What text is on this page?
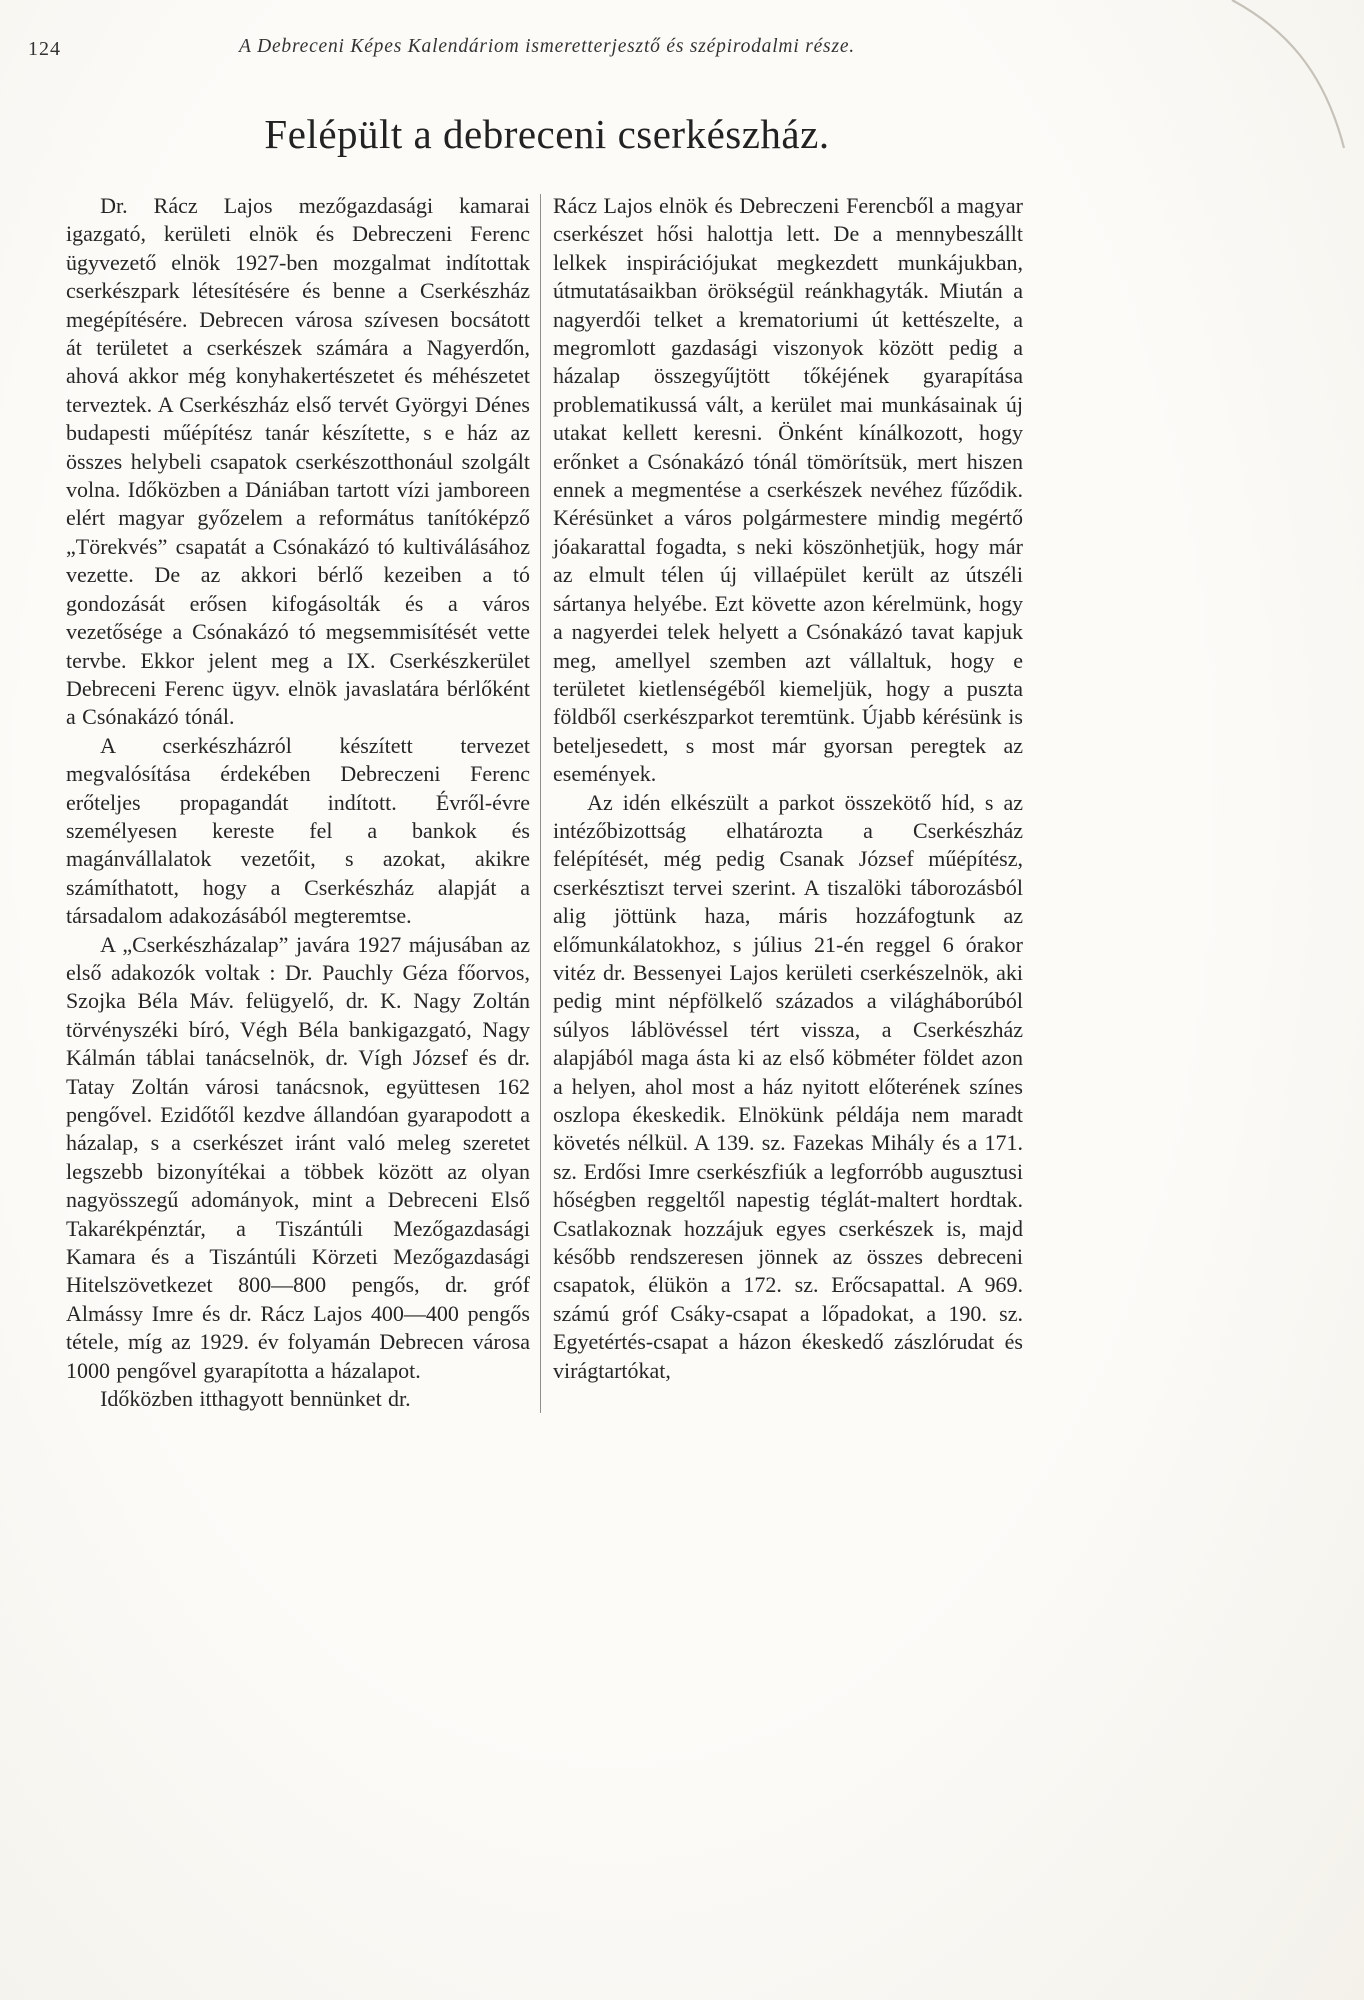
124	A Debreceni Képes Kalendáriom ismeretterjesztő és szépirodalmi része.
Felépült a debreceni cserkészház.

Dr. Rácz Lajos mezőgazdasági kamarai igazgató, kerületi elnök és Debreczeni Ferenc ügyvezető elnök 1927-ben mozgalmat indítottak cserkészpark létesítésére és benne a Cserkészház megépítésére. Debrecen városa szívesen bocsátott át területet a cserkészek számára a Nagyerdőn, ahová akkor még konyhakertészetet és méhészetet terveztek. A Cserkészház első tervét Györgyi Dénes budapesti műépítész tanár készítette, s e ház az összes helybeli csapatok cserkészotthonául szolgált volna. Időközben a Dániában tartott vízi jamboreen elért magyar győzelem a református tanítóképző „Törekvés” csapatát a Csónakázó tó kultiválásához vezette. De az akkori bérlő kezeiben a tó gondozását erősen kifogásolták és a város vezetősége a Csónakázó tó megsemmisítését vette tervbe. Ekkor jelent meg a IX. Cserkészkerület Debreceni Ferenc ügyv. elnök javaslatára bérlőként a Csónakázó tónál.

A cserkészházról készített tervezet megvalósítása érdekében Debreczeni Ferenc erőteljes propagandát indított. Évről-évre személyesen kereste fel a bankok és magánvállalatok vezetőit, s azokat, akikre számíthatott, hogy a Cserkészház alapját a társadalom adakozásából megteremtse.

A „Cserkészházalap” javára 1927 májusában az első adakozók voltak : Dr. Pauchly Géza főorvos, Szojka Béla Máv. felügyelő, dr. K. Nagy Zoltán törvényszéki bíró, Végh Béla bankigazgató, Nagy Kálmán táblai tanácselnök, dr. Vígh József és dr. Tatay Zoltán városi tanácsnok, együttesen 162 pengővel. Ezidőtől kezdve állandóan gyarapodott a házalap, s a cserkészet iránt való meleg szeretet legszebb bizonyítékai a többek között az olyan nagyösszegű adományok, mint a Debreceni Első Takarékpénztár, a Tiszántúli Mezőgazdasági Kamara és a Tiszántúli Körzeti Mezőgazdasági Hitelszövetkezet 800—800 pengős, dr. gróf Almássy Imre és dr. Rácz Lajos 400—400 pengős tétele, míg az 1929. év folyamán Debrecen városa 1000 pengővel gyarapította a házalapot.

Időközben itthagyott bennünket dr.

Rácz Lajos elnök és Debreczeni Ferencből a magyar cserkészet hősi halottja lett. De a mennybeszállt lelkek inspirációjukat megkezdett munkájukban, útmutatásaikban örökségül reánkhagyták. Miután a nagyerdői telket a krematoriumi út kettészelte, a megromlott gazdasági viszonyok között pedig a házalap összegyűjtött tőkéjének gyarapítása problematikussá vált, a kerület mai munkásainak új utakat kellett keresni. Önként kínálkozott, hogy erőnket a Csónakázó tónál tömörítsük, mert hiszen ennek a megmentése a cserkészek nevéhez fűződik. Kérésünket a város polgármestere mindig megértő jóakarattal fogadta, s neki köszönhetjük, hogy már az elmult télen új villaépület került az útszéli sártanya helyébe. Ezt követte azon kérelmünk, hogy a nagyerdei telek helyett a Csónakázó tavat kapjuk meg, amellyel szemben azt vállaltuk, hogy e területet kietlenségéből kiemeljük, hogy a puszta földből cserkészparkot teremtünk. Újabb kérésünk is beteljesedett, s most már gyorsan peregtek az események.

Az idén elkészült a parkot összekötő híd, s az intézőbizottság elhatározta a Cserkészház felépítését, még pedig Csanak József műépítész, cserkésztiszt tervei szerint. A tiszalöki táborozásból alig jöttünk haza, máris hozzáfogtunk az előmunkálatokhoz, s július 21-én reggel 6 órakor vitéz dr. Bessenyei Lajos kerületi cserkészelnök, aki pedig mint népfölkelő százados a világháborúból súlyos láblövéssel tért vissza, a Cserkészház alapjából maga ásta ki az első köbméter földet azon a helyen, ahol most a ház nyitott előterének színes oszlopa ékeskedik. Elnökünk példája nem maradt követés nélkül. A 139. sz. Fazekas Mihály és a 171. sz. Erdősi Imre cserkészfiúk a legforróbb augusztusi hőségben reggeltől napestig téglát-maltert hordtak. Csatlakoznak hozzájuk egyes cserkészek is, majd később rendszeresen jönnek az összes debreceni csapatok, élükön a 172. sz. Erőcsapattal. A 969. számú gróf Csáky-csapat a lőpadokat, a 190. sz. Egyetértés-csapat a házon ékeskedő zászlórudat és virágtartókat,
